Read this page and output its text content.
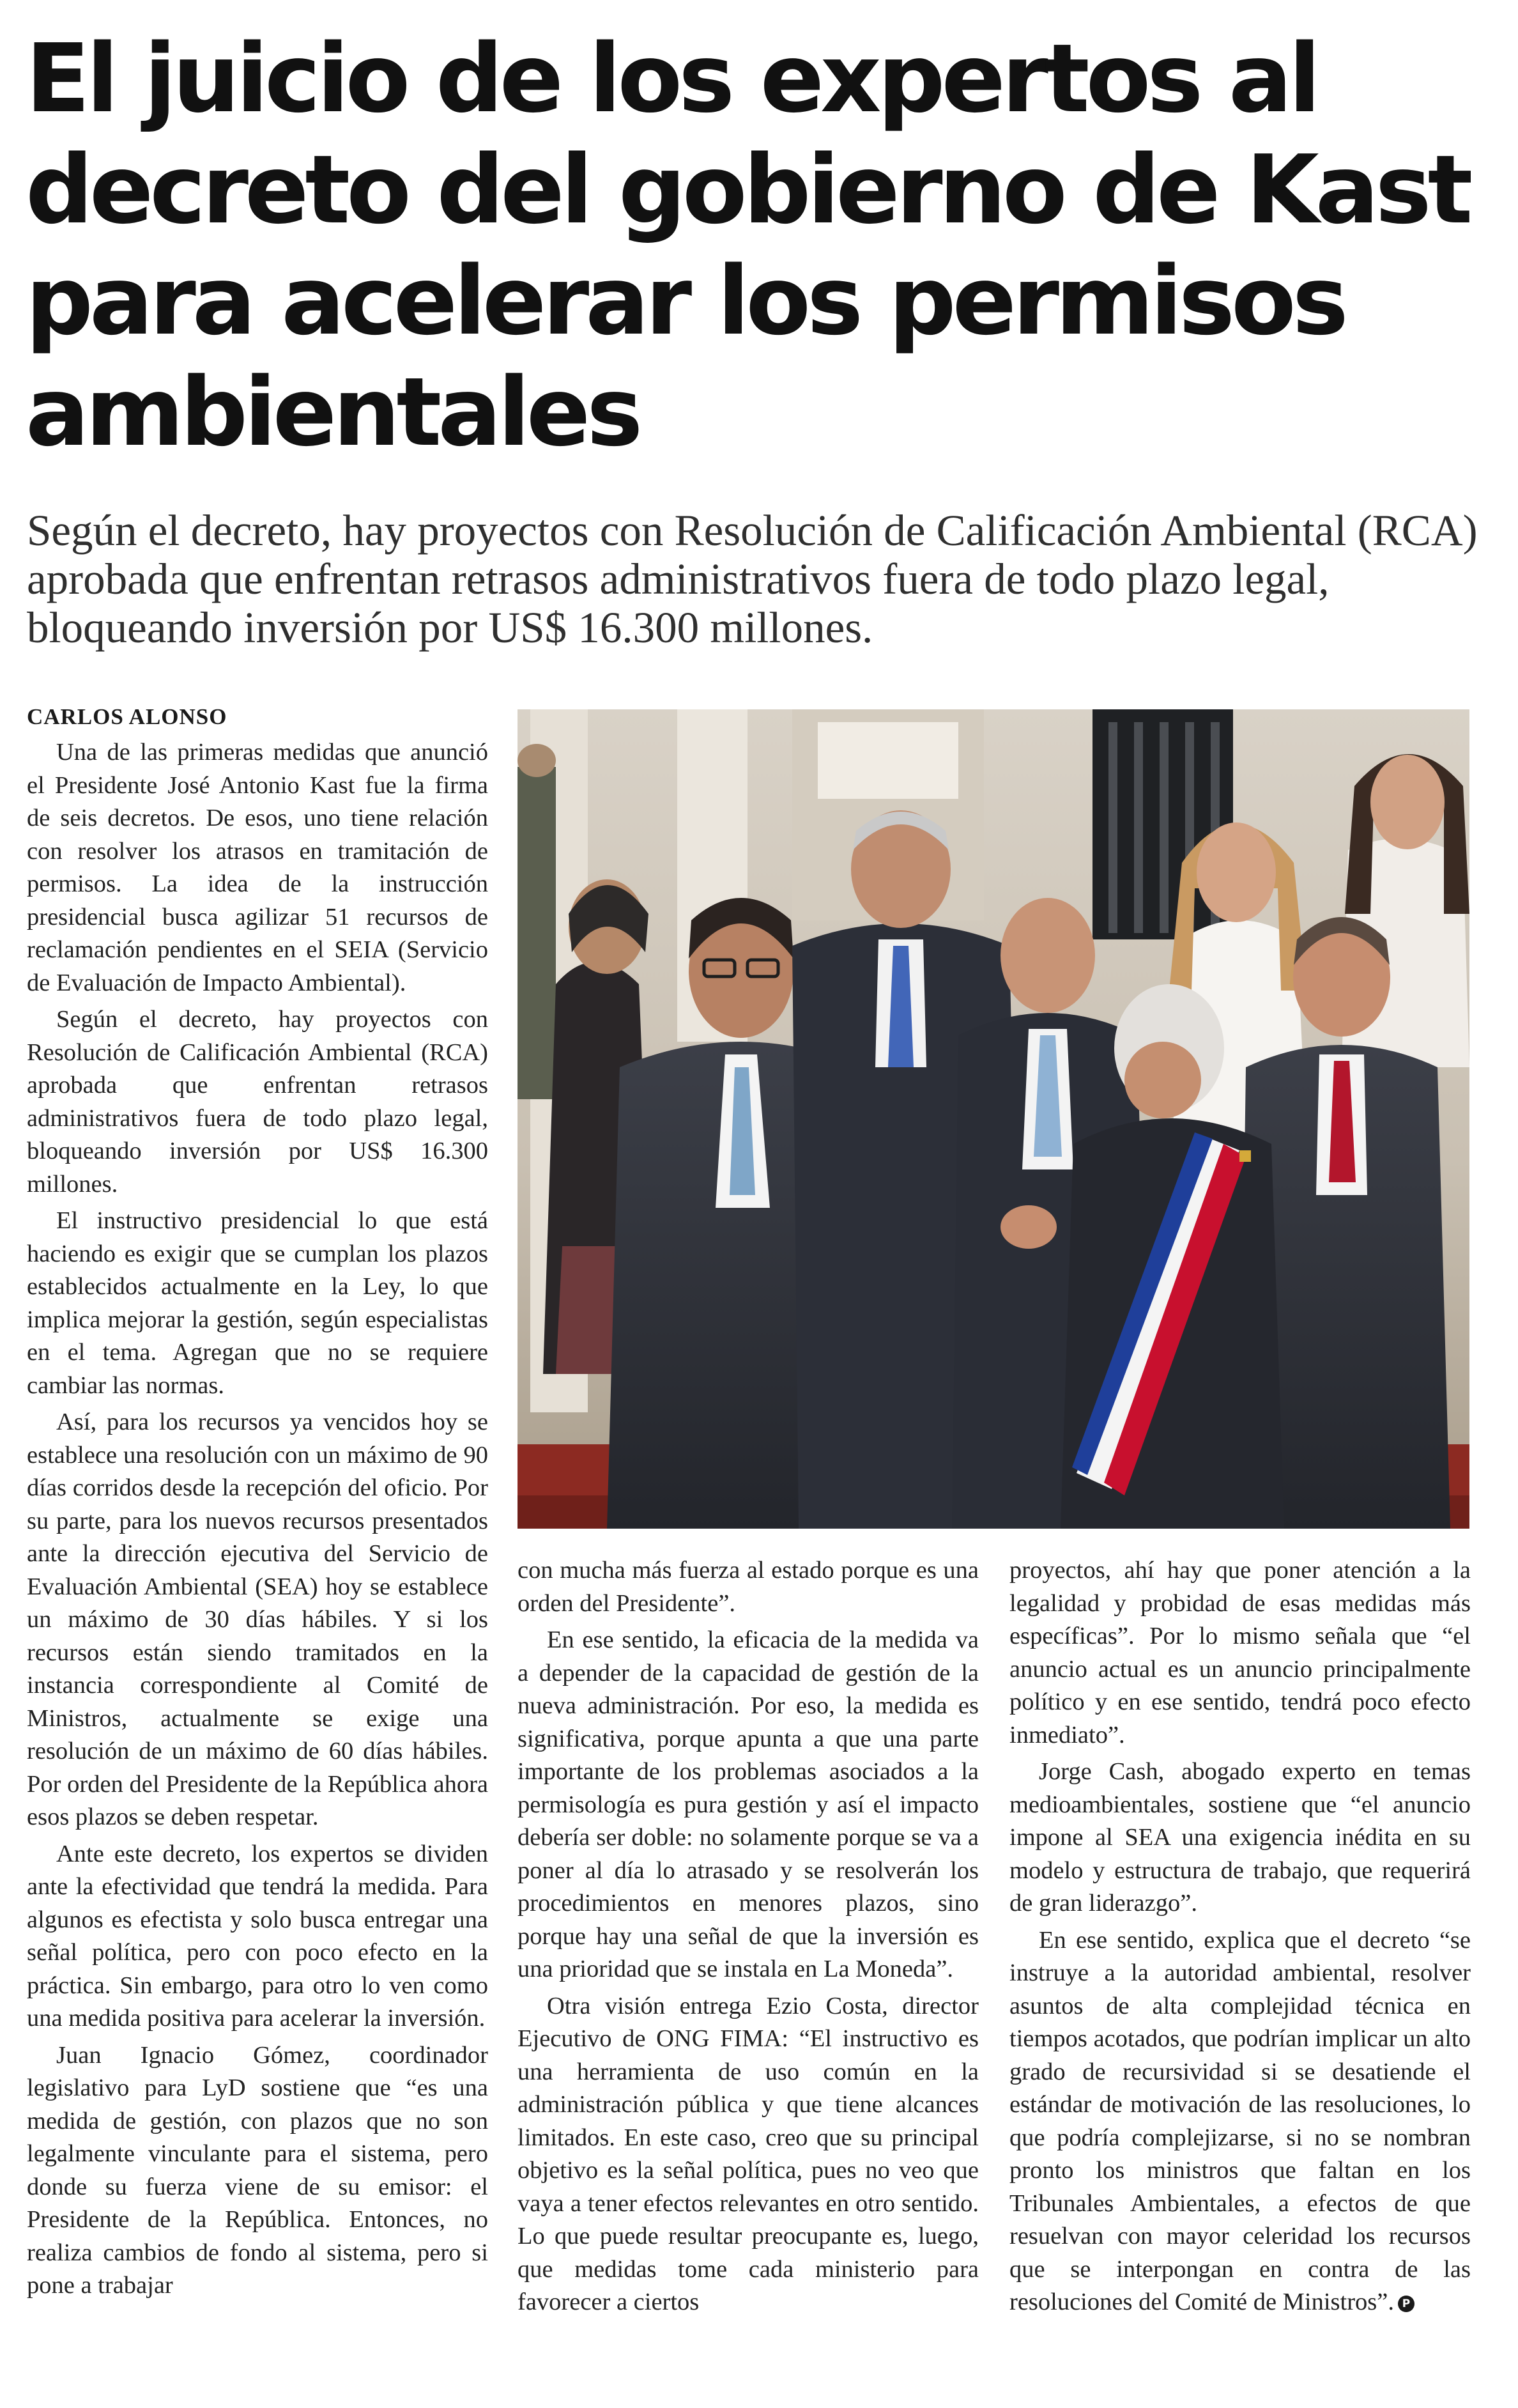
El juicio de los expertos al decreto del gobierno de Kast para acelerar los permisos ambientales

Según el decreto, hay proyectos con Resolución de Calificación Ambiental (RCA) aprobada que enfrentan retrasos administrativos fuera de todo plazo legal, bloqueando inversión por US$ 16.300 millones.

CARLOS ALONSO

Una de las primeras medidas que anunció el Presidente José Antonio Kast fue la firma de seis decretos. De esos, uno tiene relación con resolver los atrasos en tramitación de permisos. La idea de la instrucción presidencial busca agilizar 51 recursos de reclamación pendientes en el SEIA (Servicio de Evaluación de Impacto Ambiental).

Según el decreto, hay proyectos con Resolución de Calificación Ambiental (RCA) aprobada que enfrentan retrasos administrativos fuera de todo plazo legal, bloqueando inversión por US$ 16.300 millones.

El instructivo presidencial lo que está haciendo es exigir que se cumplan los plazos establecidos actualmente en la Ley, lo que implica mejorar la gestión, según especialistas en el tema. Agregan que no se requiere cambiar las normas.

Así, para los recursos ya vencidos hoy se establece una resolución con un máximo de 90 días corridos desde la recepción del oficio. Por su parte, para los nuevos recursos presentados ante la dirección ejecutiva del Servicio de Evaluación Ambiental (SEA) hoy se establece un máximo de 30 días hábiles. Y si los recursos están siendo tramitados en la instancia correspondiente al Comité de Ministros, actualmente se exige una resolución de un máximo de 60 días hábiles. Por orden del Presidente de la República ahora esos plazos se deben respetar.

Ante este decreto, los expertos se dividen ante la efectividad que tendrá la medida. Para algunos es efectista y solo busca entregar una señal política, pero con poco efecto en la práctica. Sin embargo, para otro lo ven como una medida positiva para acelerar la inversión.

Juan Ignacio Gómez, coordinador legislativo para LyD sostiene que “es una medida de gestión, con plazos que no son legalmente vinculante para el sistema, pero donde su fuerza viene de su emisor: el Presidente de la República. Entonces, no realiza cambios de fondo al sistema, pero si pone a trabajar

con mucha más fuerza al estado porque es una orden del Presidente”.

En ese sentido, la eficacia de la medida va a depender de la capacidad de gestión de la nueva administración. Por eso, la medida es significativa, porque apunta a que una parte importante de los problemas asociados a la permisología es pura gestión y así el impacto debería ser doble: no solamente porque se va a poner al día lo atrasado y se resolverán los procedimientos en menores plazos, sino porque hay una señal de que la inversión es una prioridad que se instala en La Moneda”.

Otra visión entrega Ezio Costa, director Ejecutivo de ONG FIMA: “El instructivo es una herramienta de uso común en la administración pública y que tiene alcances limitados. En este caso, creo que su principal objetivo es la señal política, pues no veo que vaya a tener efectos relevantes en otro sentido. Lo que puede resultar preocupante es, luego, que medidas tome cada ministerio para favorecer a ciertos

proyectos, ahí hay que poner atención a la legalidad y probidad de esas medidas más específicas”. Por lo mismo señala que “el anuncio actual es un anuncio principalmente político y en ese sentido, tendrá poco efecto inmediato”.

Jorge Cash, abogado experto en temas medioambientales, sostiene que “el anuncio impone al SEA una exigencia inédita en su modelo y estructura de trabajo, que requerirá de gran liderazgo”.

En ese sentido, explica que el decreto “se instruye a la autoridad ambiental, resolver asuntos de alta complejidad técnica en tiempos acotados, que podrían implicar un alto grado de recursividad si se desatiende el estándar de motivación de las resoluciones, lo que podría complejizarse, si no se nombran pronto los ministros que faltan en los Tribunales Ambientales, a efectos de que resuelvan con mayor celeridad los recursos que se interpongan en contra de las resoluciones del Comité de Ministros”. P
